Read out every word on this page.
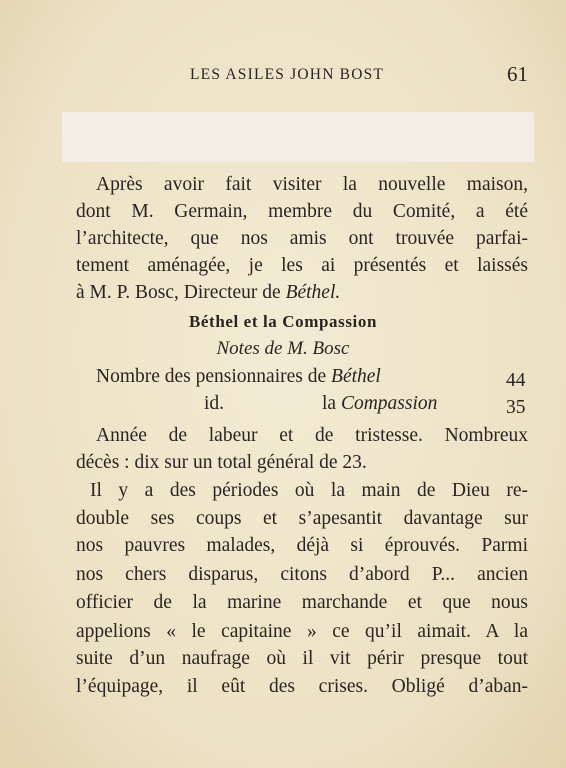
LES ASILES JOHN BOST	61
Après avoir fait visiter la nouvelle maison,
dont M. Germain, membre du Comité, a été
l’architecte, que nos amis ont trouvée parfai-
tement aménagée, je les ai présentés et laissés
à M. P. Bosc, Directeur de Béthel.
Béthel et la Compassion
Notes de M. Bosc
Nombre des pensionnaires de Béthel	44
id.	la Compassion	35
Année de labeur et de tristesse. Nombreux
décès : dix sur un total général de 23.
Il y a des périodes où la main de Dieu re-
double ses coups et s’apesantit davantage sur
nos pauvres malades, déjà si éprouvés. Parmi
nos chers disparus, citons d’abord P... ancien
officier de la marine marchande et que nous
appelions « le capitaine » ce qu’il aimait. A la
suite d’un naufrage où il vit périr presque tout
l’équipage, il eût des crises. Obligé d’aban-
